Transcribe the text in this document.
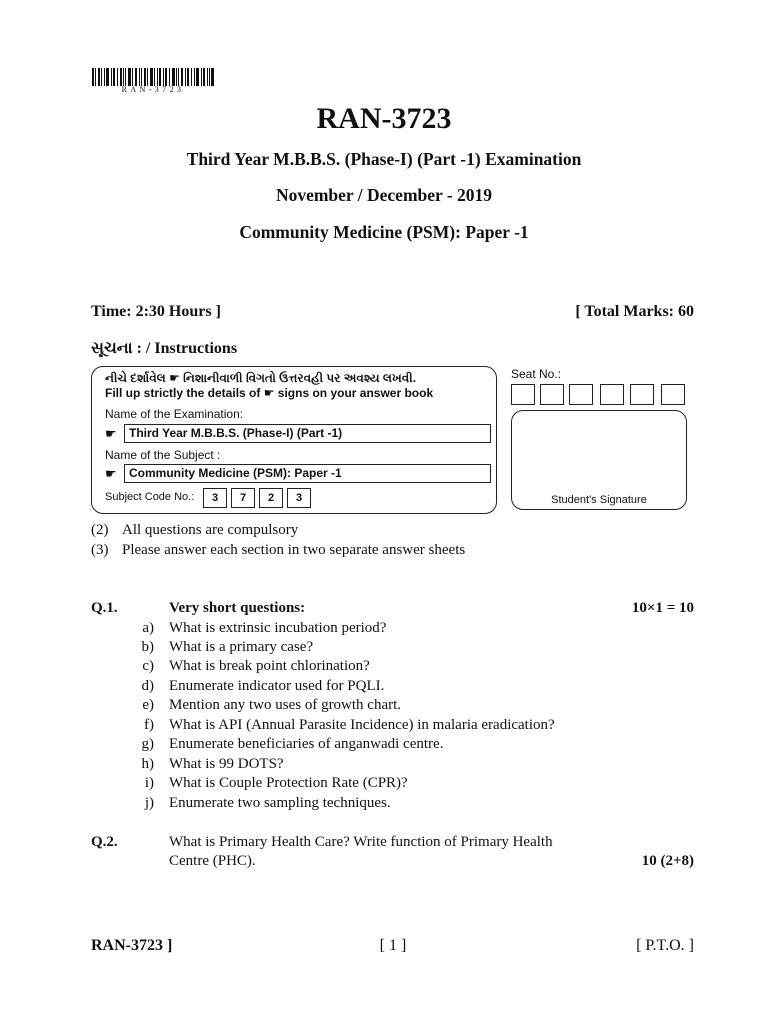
RAN-3723
RAN-3723
Third Year M.B.B.S. (Phase-I) (Part -1) Examination
November / December - 2019
Community Medicine (PSM): Paper -1
Time: 2:30 Hours ]	[ Total Marks: 60
સૂચના : / Instructions
નીચે દર્શાવેલ ☛ નિશાનીવાળી વિગતો ઉત્તરવહી પર અવશ્ય લખવી.
Fill up strictly the details of ☛ signs on your answer book
Name of the Examination:
☛	Third Year M.B.B.S. (Phase-I) (Part -1)
Name of the Subject :
☛	Community Medicine (PSM): Paper -1
Subject Code No.:	3	7	2	3
Seat No.:
Student's Signature
(2) All questions are compulsory
(3) Please answer each section in two separate answer sheets
Q.1.	Very short questions:	10×1 = 10
a) What is extrinsic incubation period?
b) What is a primary case?
c) What is break point chlorination?
d) Enumerate indicator used for PQLI.
e) Mention any two uses of growth chart.
f) What is API (Annual Parasite Incidence) in malaria eradication?
g) Enumerate beneficiaries of anganwadi centre.
h) What is 99 DOTS?
i) What is Couple Protection Rate (CPR)?
j) Enumerate two sampling techniques.
Q.2.	What is Primary Health Care? Write function of Primary Health
Centre (PHC).	10 (2+8)
RAN-3723 ]	[ 1 ]	[ P.T.O. ]
